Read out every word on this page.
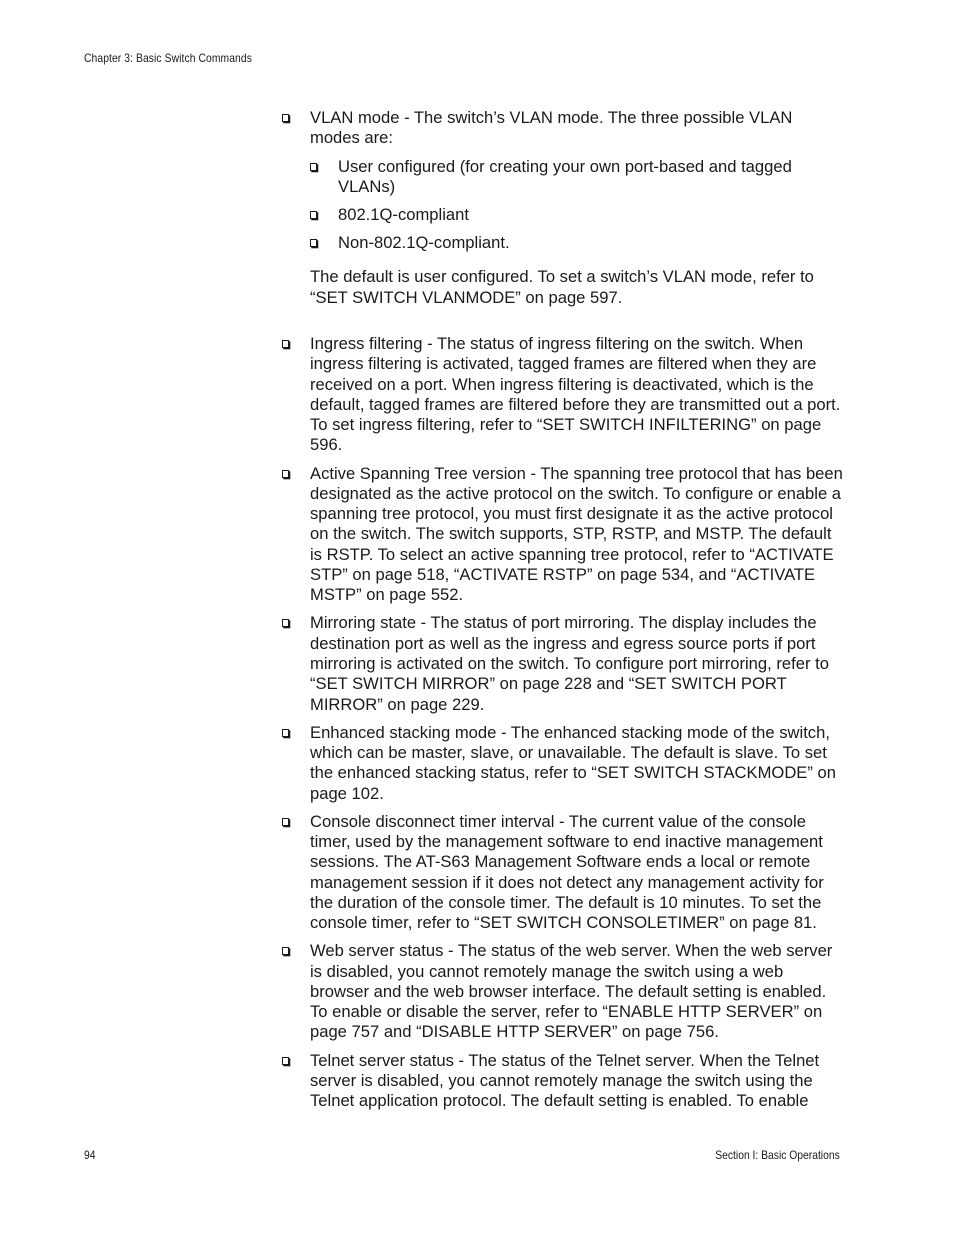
Chapter 3: Basic Switch Commands
VLAN mode - The switch’s VLAN mode. The three possible VLAN modes are:
User configured (for creating your own port-based and tagged VLANs)
802.1Q-compliant
Non-802.1Q-compliant.
The default is user configured. To set a switch’s VLAN mode, refer to “SET SWITCH VLANMODE” on page 597.
Ingress filtering - The status of ingress filtering on the switch. When ingress filtering is activated, tagged frames are filtered when they are received on a port. When ingress filtering is deactivated, which is the default, tagged frames are filtered before they are transmitted out a port. To set ingress filtering, refer to “SET SWITCH INFILTERING” on page 596.
Active Spanning Tree version - The spanning tree protocol that has been designated as the active protocol on the switch. To configure or enable a spanning tree protocol, you must first designate it as the active protocol on the switch. The switch supports, STP, RSTP, and MSTP. The default is RSTP. To select an active spanning tree protocol, refer to “ACTIVATE STP” on page 518, “ACTIVATE RSTP” on page 534, and “ACTIVATE MSTP” on page 552.
Mirroring state - The status of port mirroring. The display includes the destination port as well as the ingress and egress source ports if port mirroring is activated on the switch. To configure port mirroring, refer to “SET SWITCH MIRROR” on page 228 and “SET SWITCH PORT MIRROR” on page 229.
Enhanced stacking mode - The enhanced stacking mode of the switch, which can be master, slave, or unavailable. The default is slave. To set the enhanced stacking status, refer to “SET SWITCH STACKMODE” on page 102.
Console disconnect timer interval - The current value of the console timer, used by the management software to end inactive management sessions. The AT-S63 Management Software ends a local or remote management session if it does not detect any management activity for the duration of the console timer. The default is 10 minutes. To set the console timer, refer to “SET SWITCH CONSOLETIMER” on page 81.
Web server status - The status of the web server. When the web server is disabled, you cannot remotely manage the switch using a web browser and the web browser interface. The default setting is enabled. To enable or disable the server, refer to “ENABLE HTTP SERVER” on page 757 and “DISABLE HTTP SERVER” on page 756.
Telnet server status - The status of the Telnet server. When the Telnet server is disabled, you cannot remotely manage the switch using the Telnet application protocol. The default setting is enabled. To enable
94	Section I: Basic Operations
